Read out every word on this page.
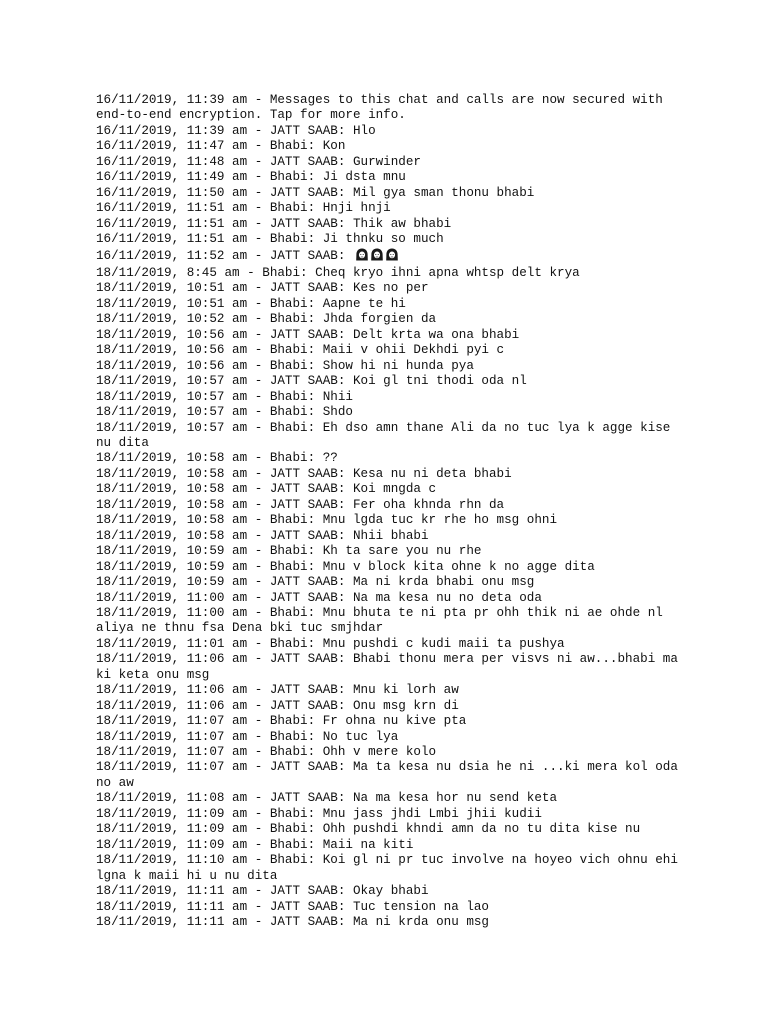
16/11/2019, 11:39 am - Messages to this chat and calls are now secured with end-to-end encryption. Tap for more info.

16/11/2019, 11:39 am - JATT SAAB: Hlo

16/11/2019, 11:47 am - Bhabi: Kon

16/11/2019, 11:48 am - JATT SAAB: Gurwinder

16/11/2019, 11:49 am - Bhabi: Ji dsta mnu

16/11/2019, 11:50 am - JATT SAAB: Mil gya sman thonu bhabi

16/11/2019, 11:51 am - Bhabi: Hnji hnji

16/11/2019, 11:51 am - JATT SAAB: Thik aw bhabi

16/11/2019, 11:51 am - Bhabi: Ji thnku so much

16/11/2019, 11:52 am - JATT SAAB:

18/11/2019, 8:45 am - Bhabi: Cheq kryo ihni apna whtsp delt krya

18/11/2019, 10:51 am - JATT SAAB: Kes no per

18/11/2019, 10:51 am - Bhabi: Aapne te hi

18/11/2019, 10:52 am - Bhabi: Jhda forgien da

18/11/2019, 10:56 am - JATT SAAB: Delt krta wa ona bhabi

18/11/2019, 10:56 am - Bhabi: Maii v ohii Dekhdi pyi c

18/11/2019, 10:56 am - Bhabi: Show hi ni hunda pya

18/11/2019, 10:57 am - JATT SAAB: Koi gl tni thodi oda nl

18/11/2019, 10:57 am - Bhabi: Nhii

18/11/2019, 10:57 am - Bhabi: Shdo

18/11/2019, 10:57 am - Bhabi: Eh dso amn thane Ali da no tuc lya k agge kise nu dita

18/11/2019, 10:58 am - Bhabi: ??

18/11/2019, 10:58 am - JATT SAAB: Kesa nu ni deta bhabi

18/11/2019, 10:58 am - JATT SAAB: Koi mngda c

18/11/2019, 10:58 am - JATT SAAB: Fer oha khnda rhn da

18/11/2019, 10:58 am - Bhabi: Mnu lgda tuc kr rhe ho msg ohni

18/11/2019, 10:58 am - JATT SAAB: Nhii bhabi

18/11/2019, 10:59 am - Bhabi: Kh ta sare you nu rhe

18/11/2019, 10:59 am - Bhabi: Mnu v block kita ohne k no agge dita

18/11/2019, 10:59 am - JATT SAAB: Ma ni krda bhabi onu msg

18/11/2019, 11:00 am - JATT SAAB: Na ma kesa nu no deta oda

18/11/2019, 11:00 am - Bhabi: Mnu bhuta te ni pta pr ohh thik ni ae ohde nl aliya ne thnu fsa Dena bki tuc smjhdar

18/11/2019, 11:01 am - Bhabi: Mnu pushdi c kudi maii ta pushya

18/11/2019, 11:06 am - JATT SAAB: Bhabi thonu mera per visvs ni aw...bhabi ma ki keta onu msg

18/11/2019, 11:06 am - JATT SAAB: Mnu ki lorh aw

18/11/2019, 11:06 am - JATT SAAB: Onu msg krn di

18/11/2019, 11:07 am - Bhabi: Fr ohna nu kive pta

18/11/2019, 11:07 am - Bhabi: No tuc lya

18/11/2019, 11:07 am - Bhabi: Ohh v mere kolo

18/11/2019, 11:07 am - JATT SAAB: Ma ta kesa nu dsia he ni ...ki mera kol oda no aw

18/11/2019, 11:08 am - JATT SAAB: Na ma kesa hor nu send keta

18/11/2019, 11:09 am - Bhabi: Mnu jass jhdi Lmbi jhii kudii

18/11/2019, 11:09 am - Bhabi: Ohh pushdi khndi amn da no tu dita kise nu

18/11/2019, 11:09 am - Bhabi: Maii na kiti

18/11/2019, 11:10 am - Bhabi: Koi gl ni pr tuc involve na hoyeo vich ohnu ehi lgna k maii hi u nu dita

18/11/2019, 11:11 am - JATT SAAB: Okay bhabi

18/11/2019, 11:11 am - JATT SAAB: Tuc tension na lao

18/11/2019, 11:11 am - JATT SAAB: Ma ni krda onu msg
